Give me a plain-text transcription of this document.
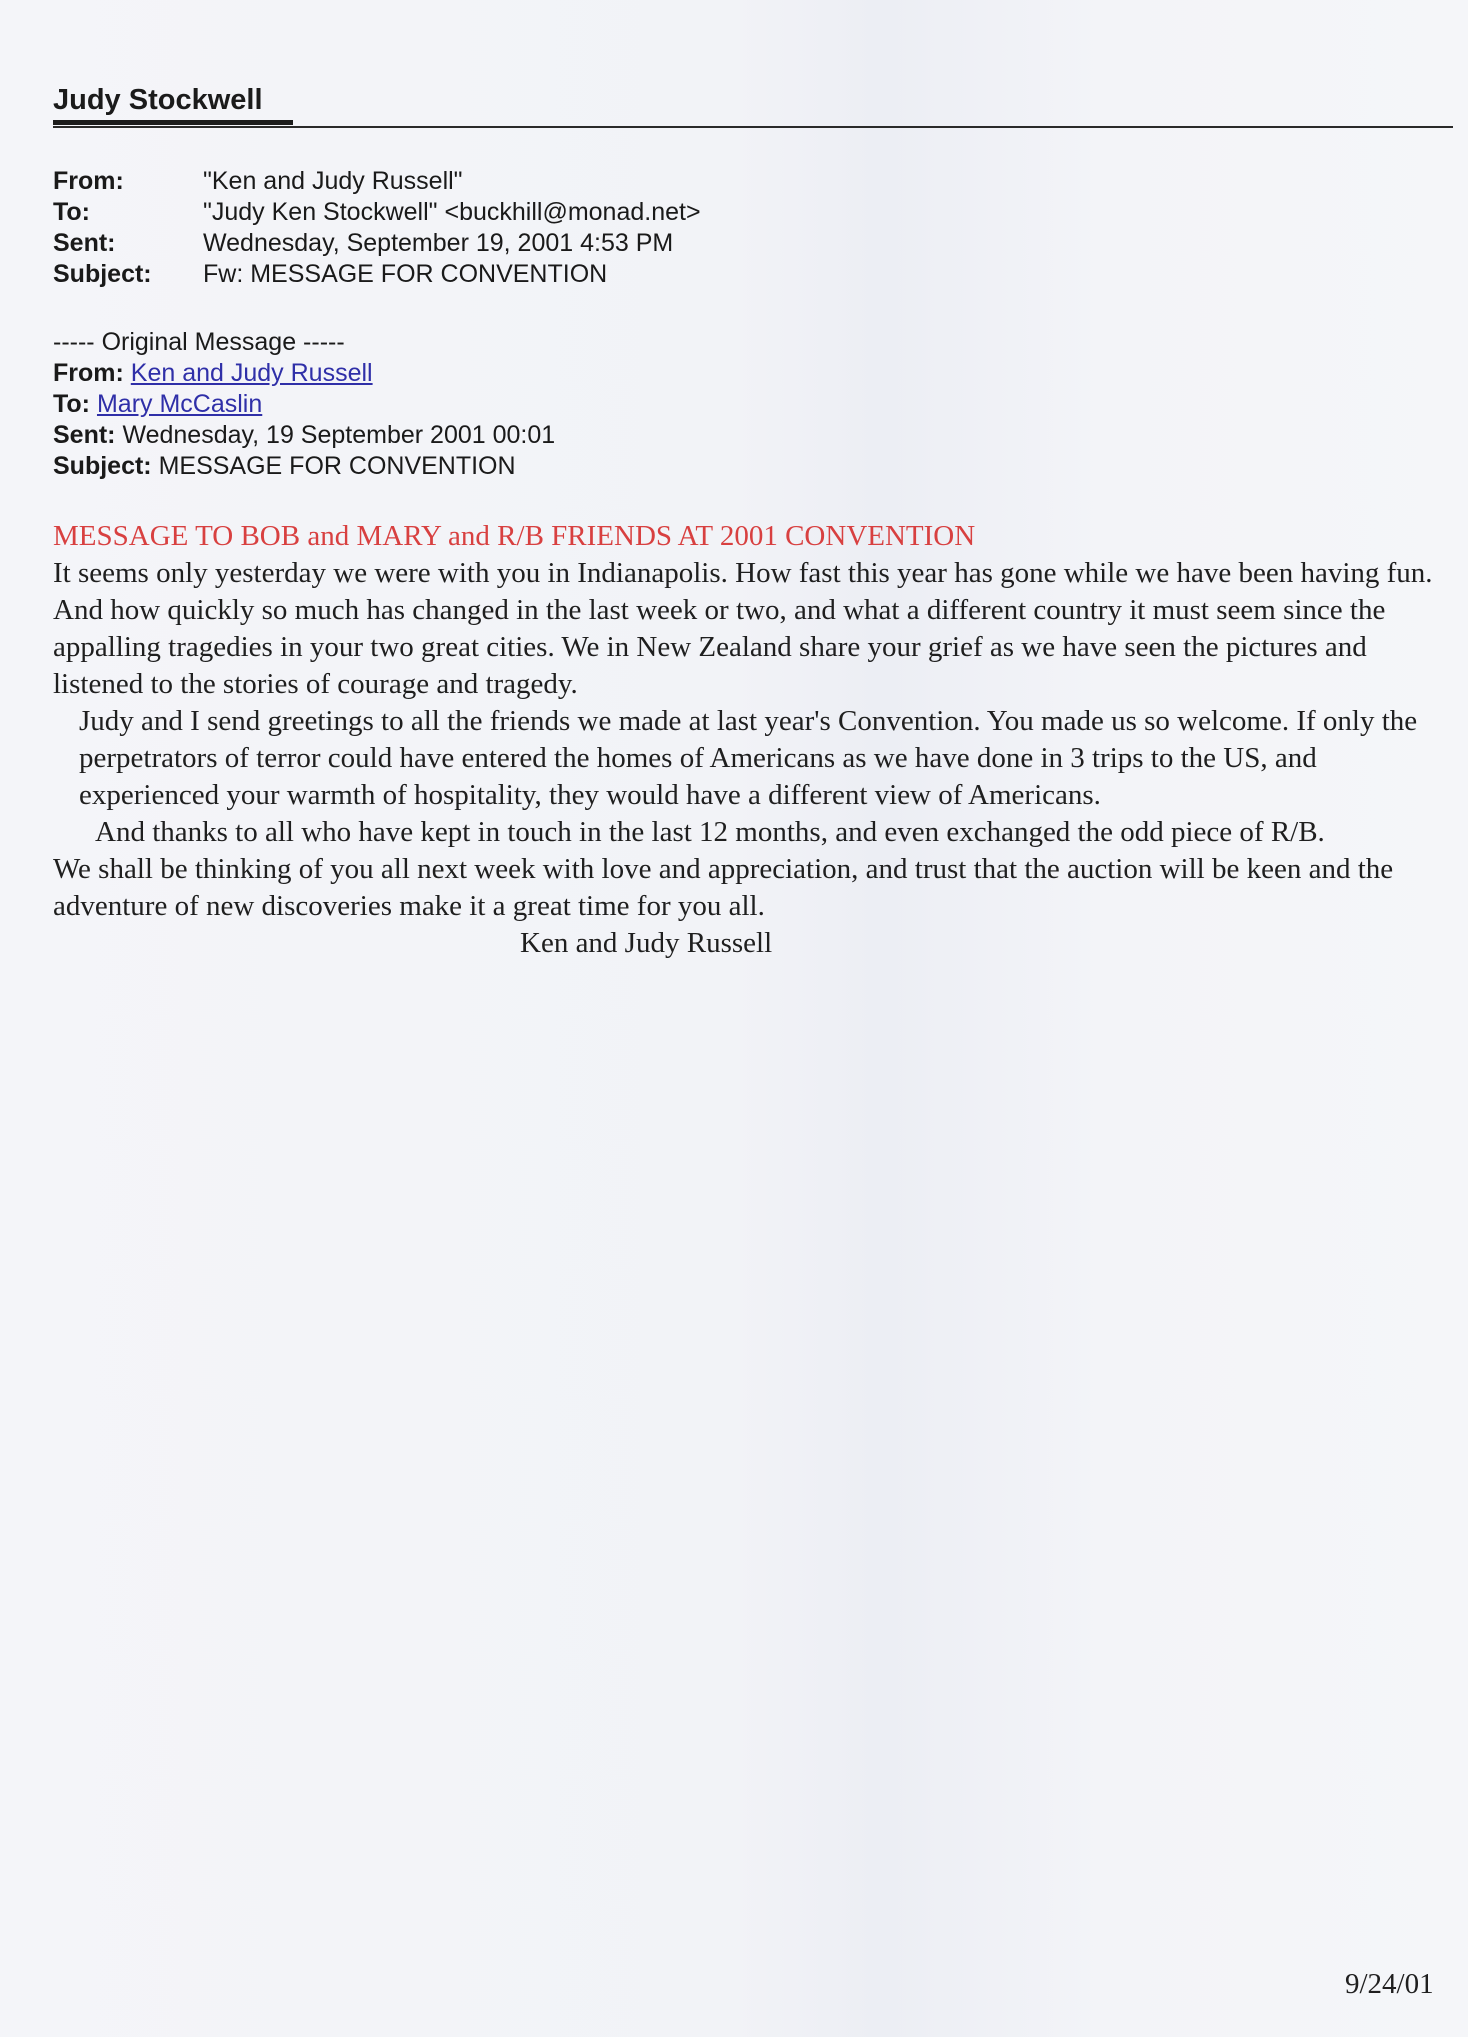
Judy Stockwell
From:	"Ken and Judy Russell"
To:	"Judy Ken Stockwell" <buckhill@monad.net>
Sent:	Wednesday, September 19, 2001 4:53 PM
Subject:	Fw: MESSAGE FOR CONVENTION
----- Original Message -----
From: Ken and Judy Russell
To: Mary McCaslin
Sent: Wednesday, 19 September 2001 00:01
Subject: MESSAGE FOR CONVENTION

MESSAGE TO BOB and MARY and R/B FRIENDS AT 2001 CONVENTION

It seems only yesterday we were with you in Indianapolis. How fast this year has gone while we have been having fun. And how quickly so much has changed in the last week or two, and what a different country it must seem since the appalling tragedies in your two great cities. We in New Zealand share your grief as we have seen the pictures and listened to the stories of courage and tragedy.

Judy and I send greetings to all the friends we made at last year's Convention. You made us so welcome. If only the perpetrators of terror could have entered the homes of Americans as we have done in 3 trips to the US, and experienced your warmth of hospitality, they would have a different view of Americans.

And thanks to all who have kept in touch in the last 12 months, and even exchanged the odd piece of R/B.

We shall be thinking of you all next week with love and appreciation, and trust that the auction will be keen and the adventure of new discoveries make it a great time for you all.

Ken and Judy Russell

9/24/01
